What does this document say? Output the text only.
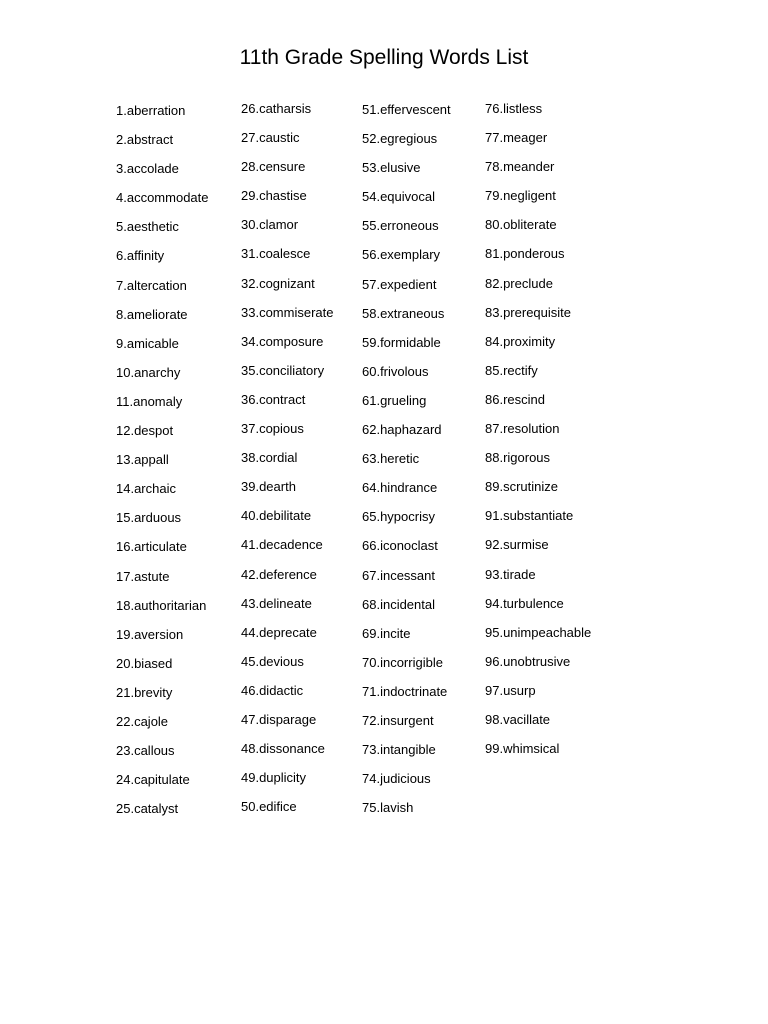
11th Grade Spelling Words List
1.aberration
2.abstract
3.accolade
4.accommodate
5.aesthetic
6.affinity
7.altercation
8.ameliorate
9.amicable
10.anarchy
11.anomaly
12.despot
13.appall
14.archaic
15.arduous
16.articulate
17.astute
18.authoritarian
19.aversion
20.biased
21.brevity
22.cajole
23.callous
24.capitulate
25.catalyst
26.catharsis
27.caustic
28.censure
29.chastise
30.clamor
31.coalesce
32.cognizant
33.commiserate
34.composure
35.conciliatory
36.contract
37.copious
38.cordial
39.dearth
40.debilitate
41.decadence
42.deference
43.delineate
44.deprecate
45.devious
46.didactic
47.disparage
48.dissonance
49.duplicity
50.edifice
51.effervescent
52.egregious
53.elusive
54.equivocal
55.erroneous
56.exemplary
57.expedient
58.extraneous
59.formidable
60.frivolous
61.grueling
62.haphazard
63.heretic
64.hindrance
65.hypocrisy
66.iconoclast
67.incessant
68.incidental
69.incite
70.incorrigible
71.indoctrinate
72.insurgent
73.intangible
74.judicious
75.lavish
76.listless
77.meager
78.meander
79.negligent
80.obliterate
81.ponderous
82.preclude
83.prerequisite
84.proximity
85.rectify
86.rescind
87.resolution
88.rigorous
89.scrutinize
91.substantiate
92.surmise
93.tirade
94.turbulence
95.unimpeachable
96.unobtrusive
97.usurp
98.vacillate
99.whimsical
